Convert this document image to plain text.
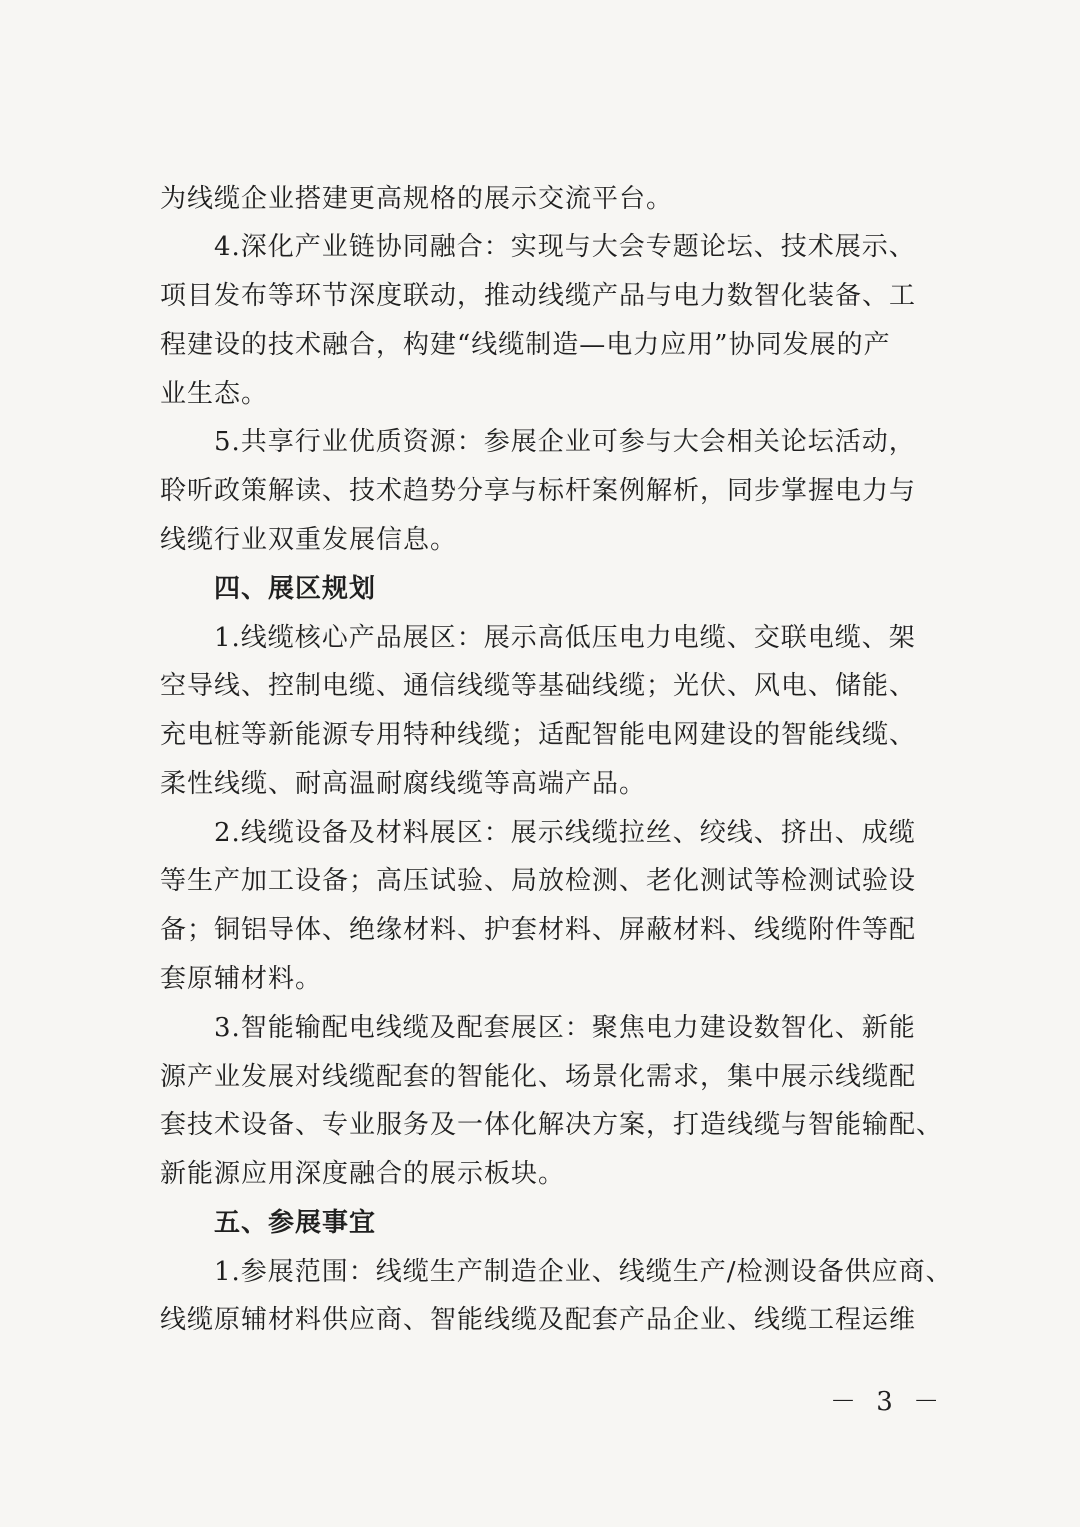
为线缆企业搭建更高规格的展示交流平台。
4.深化产业链协同融合：实现与大会专题论坛、技术展示、
项目发布等环节深度联动，推动线缆产品与电力数智化装备、工
程建设的技术融合，构建“线缆制造—电力应用”协同发展的产
业生态。
5.共享行业优质资源：参展企业可参与大会相关论坛活动，
聆听政策解读、技术趋势分享与标杆案例解析，同步掌握电力与
线缆行业双重发展信息。
四、展区规划
1.线缆核心产品展区：展示高低压电力电缆、交联电缆、架
空导线、控制电缆、通信线缆等基础线缆；光伏、风电、储能、
充电桩等新能源专用特种线缆；适配智能电网建设的智能线缆、
柔性线缆、耐高温耐腐线缆等高端产品。
2.线缆设备及材料展区：展示线缆拉丝、绞线、挤出、成缆
等生产加工设备；高压试验、局放检测、老化测试等检测试验设
备；铜铝导体、绝缘材料、护套材料、屏蔽材料、线缆附件等配
套原辅材料。
3.智能输配电线缆及配套展区：聚焦电力建设数智化、新能
源产业发展对线缆配套的智能化、场景化需求，集中展示线缆配
套技术设备、专业服务及一体化解决方案，打造线缆与智能输配、
新能源应用深度融合的展示板块。
五、参展事宜
1.参展范围：线缆生产制造企业、线缆生产/检测设备供应商、
线缆原辅材料供应商、智能线缆及配套产品企业、线缆工程运维
－ 3 －
